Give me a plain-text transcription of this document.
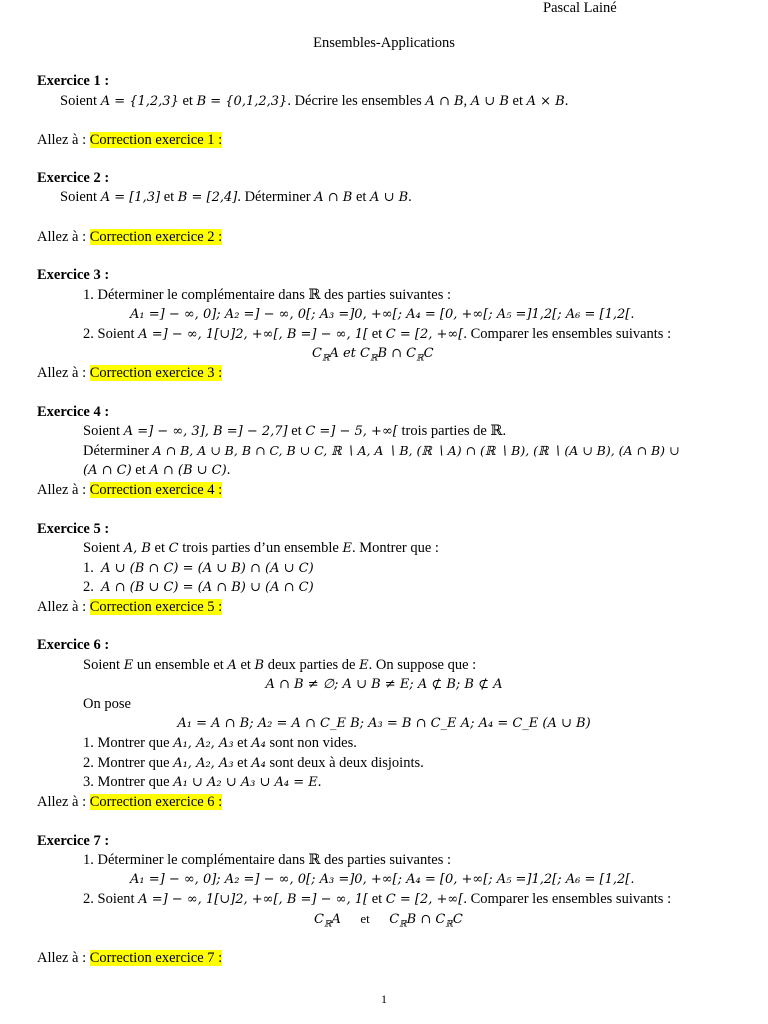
Pascal Lainé
Ensembles-Applications
Exercice 1 :
Soient A = {1,2,3} et B = {0,1,2,3}. Décrire les ensembles A ∩ B, A ∪ B et A × B.
Allez à : Correction exercice 1 :
Exercice 2 :
Soient A = [1,3] et B = [2,4]. Déterminer A ∩ B et A ∪ B.
Allez à : Correction exercice 2 :
Exercice 3 :
1. Déterminer le complémentaire dans ℝ des parties suivantes :
A₁ =] − ∞, 0]; A₂ =] − ∞, 0[; A₃ =]0, +∞[; A₄ = [0, +∞[; A₅ =]1,2[; A₆ = [1,2[.
2. Soient A =] − ∞, 1[∪]2, +∞[, B =] − ∞, 1[ et C = [2, +∞[. Comparer les ensembles suivants :
$C_ℝA$ et $C_ℝB$ ∩ $C_ℝC$
Allez à : Correction exercice 3 :
Exercice 4 :
Soient A =] − ∞, 3], B =] − 2,7] et C =] − 5, +∞[ trois parties de ℝ.
Déterminer A ∩ B, A ∪ B, B ∩ C, B ∪ C, ℝ ∖ A, A ∖ B, (ℝ ∖ A) ∩ (ℝ ∖ B), (ℝ ∖ (A ∪ B), (A ∩ B) ∪
(A ∩ C) et A ∩ (B ∪ C).
Allez à : Correction exercice 4 :
Exercice 5 :
Soient A, B et C trois parties d’un ensemble E. Montrer que :
1. A ∪ (B ∩ C) = (A ∪ B) ∩ (A ∪ C)
2. A ∩ (B ∪ C) = (A ∩ B) ∪ (A ∩ C)
Allez à : Correction exercice 5 :
Exercice 6 :
Soient E un ensemble et A et B deux parties de E. On suppose que :
A ∩ B ≠ ∅; A ∪ B ≠ E; A ⊄ B; B ⊄ A
On pose
A₁ = A ∩ B; A₂ = A ∩ C_E B; A₃ = B ∩ C_E A; A₄ = C_E (A ∪ B)
1. Montrer que A₁, A₂, A₃ et A₄ sont non vides.
2. Montrer que A₁, A₂, A₃ et A₄ sont deux à deux disjoints.
3. Montrer que A₁ ∪ A₂ ∪ A₃ ∪ A₄ = E.
Allez à : Correction exercice 6 :
Exercice 7 :
1. Déterminer le complémentaire dans ℝ des parties suivantes :
A₁ =] − ∞, 0]; A₂ =] − ∞, 0[; A₃ =]0, +∞[; A₄ = [0, +∞[; A₅ =]1,2[; A₆ = [1,2[.
2. Soient A =] − ∞, 1[∪]2, +∞[, B =] − ∞, 1[ et C = [2, +∞[. Comparer les ensembles suivants :
$C_ℝA$      et      $C_ℝB$ ∩ $C_ℝC$
Allez à : Correction exercice 7 :
1
